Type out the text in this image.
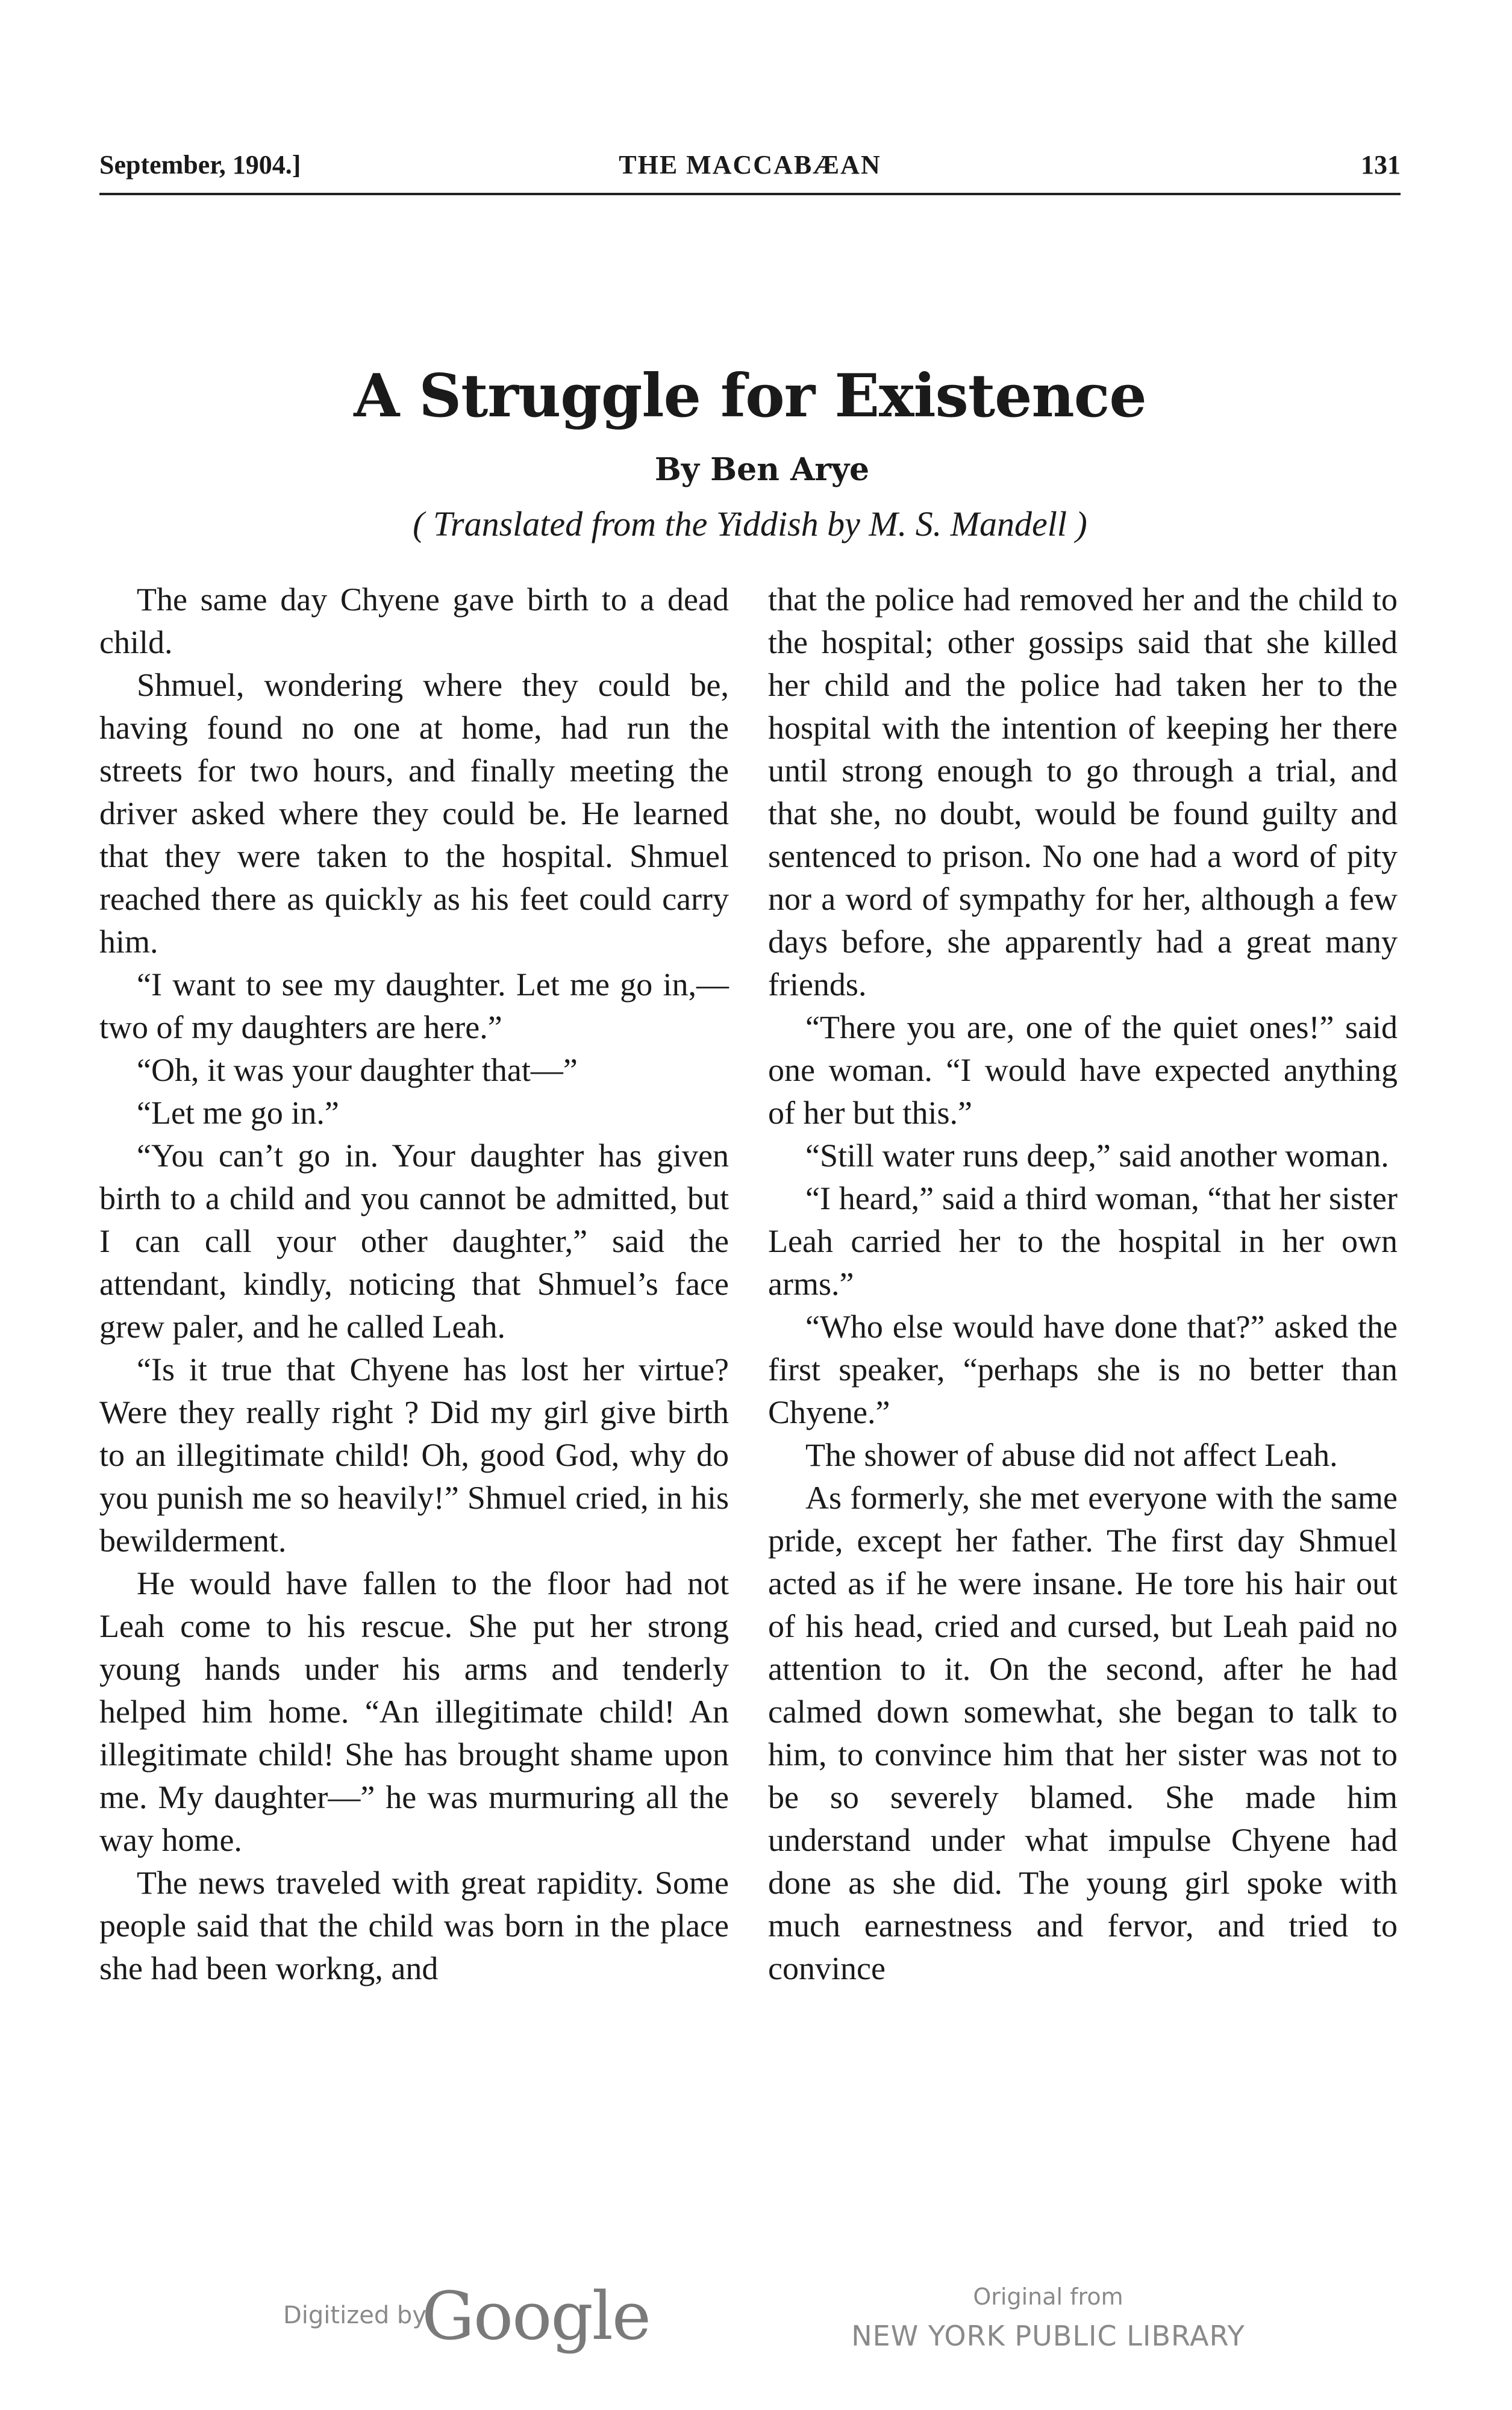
September, 1904.]	THE MACCABÆAN	131
A Struggle for Existence
By Ben Arye
( Translated from the Yiddish by M. S. Mandell )

The same day Chyene gave birth to a dead child.

Shmuel, wondering where they could be, having found no one at home, had run the streets for two hours, and finally meeting the driver asked where they could be. He learned that they were taken to the hospital. Shmuel reached there as quickly as his feet could carry him.

“I want to see my daughter. Let me go in,—two of my daughters are here.”

“Oh, it was your daughter that—”

“Let me go in.”

“You can’t go in. Your daughter has given birth to a child and you cannot be admitted, but I can call your other daughter,” said the attendant, kindly, noticing that Shmuel’s face grew paler, and he called Leah.

“Is it true that Chyene has lost her virtue? Were they really right ? Did my girl give birth to an illegitimate child! Oh, good God, why do you punish me so heavily!” Shmuel cried, in his bewilderment.

He would have fallen to the floor had not Leah come to his rescue. She put her strong young hands under his arms and tenderly helped him home. “An illegitimate child! An illegitimate child! She has brought shame upon me. My daughter—” he was murmuring all the way home.

The news traveled with great rapidity. Some people said that the child was born in the place she had been workng, and

that the police had removed her and the child to the hospital; other gossips said that she killed her child and the police had taken her to the hospital with the intention of keeping her there until strong enough to go through a trial, and that she, no doubt, would be found guilty and sentenced to prison. No one had a word of pity nor a word of sympathy for her, although a few days before, she apparently had a great many friends.

“There you are, one of the quiet ones!” said one woman. “I would have expected anything of her but this.”

“Still water runs deep,” said another woman.

“I heard,” said a third woman, “that her sister Leah carried her to the hospital in her own arms.”

“Who else would have done that?” asked the first speaker, “perhaps she is no better than Chyene.”

The shower of abuse did not affect Leah.

As formerly, she met everyone with the same pride, except her father. The first day Shmuel acted as if he were insane. He tore his hair out of his head, cried and cursed, but Leah paid no attention to it. On the second, after he had calmed down somewhat, she began to talk to him, to convince him that her sister was not to be so severely blamed. She made him understand under what impulse Chyene had done as she did. The young girl spoke with much earnestness and fervor, and tried to convince

Digitized by
Google	Original from
NEW YORK PUBLIC LIBRARY
